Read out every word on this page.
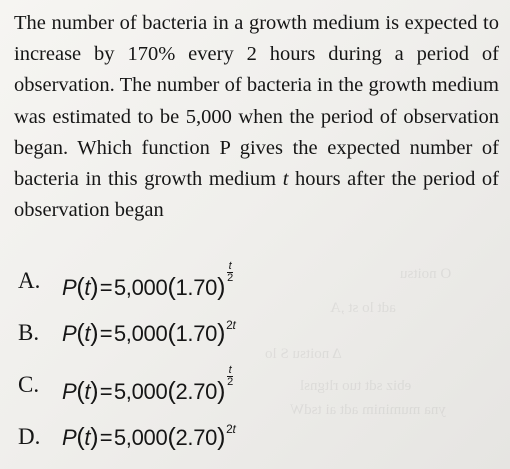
O noitsu
adt lo st ,A
Δ noitsu S lo
ebiz sdt tuo rltgnsl
yna muminim adt ai tsdW

The number of bacteria in a growth medium is expected to increase by 170% every 2 hours during a period of observation. The number of bacteria in the growth medium was estimated to be 5,000 when the period of observation began. Which function P gives the expected number of bacteria in this growth medium t hours after the period of observation began

A. P(t) = 5,000(1.70)
$\frac{t}{2}$
B.	P(t) = 5,000(1.70)2t
C.	P(t) = 5,000(2.70)
$\frac{t}{2}$
D. P(t) = 5,000(2.70)2t
